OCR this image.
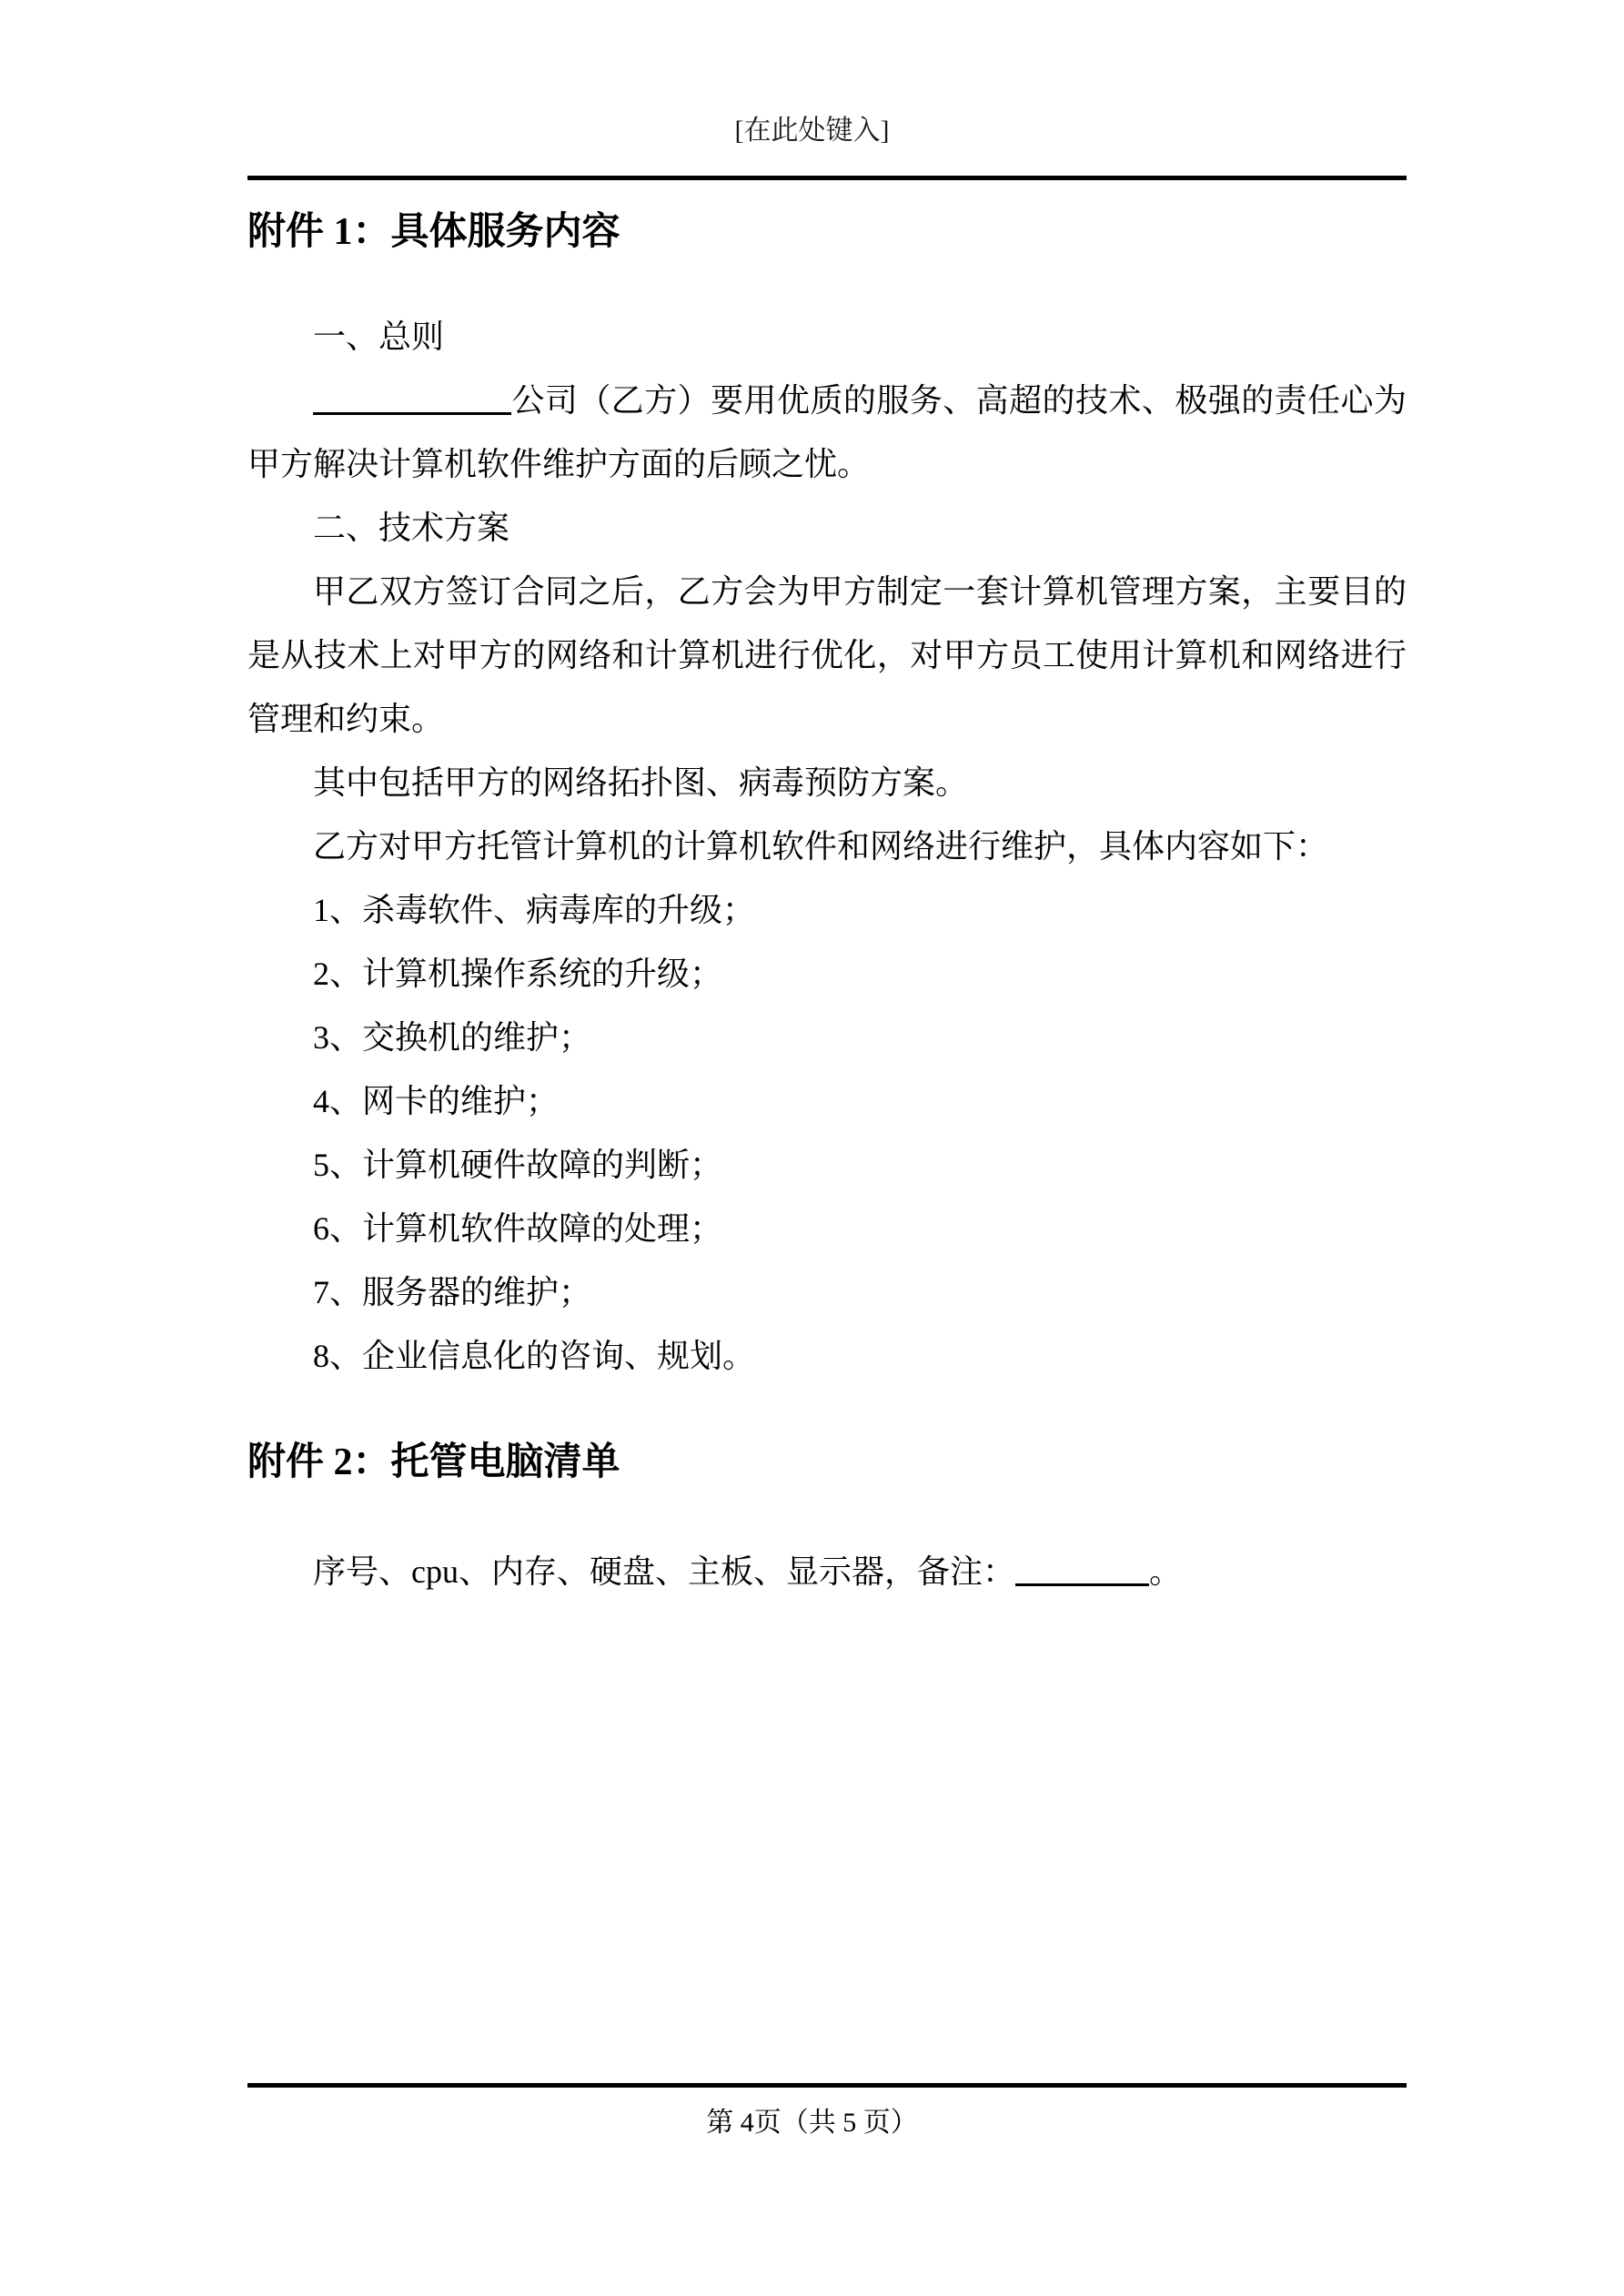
[在此处键入]
附件 1：具体服务内容
一、总则
公司（乙方）要用优质的服务、高超的技术、极强的责任心为
甲方解决计算机软件维护方面的后顾之忧。
二、技术方案
甲乙双方签订合同之后，乙方会为甲方制定一套计算机管理方案，主要目的
是从技术上对甲方的网络和计算机进行优化，对甲方员工使用计算机和网络进行
管理和约束。
其中包括甲方的网络拓扑图、病毒预防方案。
乙方对甲方托管计算机的计算机软件和网络进行维护，具体内容如下：
1、杀毒软件、病毒库的升级；
2、计算机操作系统的升级；
3、交换机的维护；
4、网卡的维护；
5、计算机硬件故障的判断；
6、计算机软件故障的处理；
7、服务器的维护；
8、企业信息化的咨询、规划。
附件 2：托管电脑清单
序号、cpu、内存、硬盘、主板、显示器，备注：	。
第 4页（共 5 页）
